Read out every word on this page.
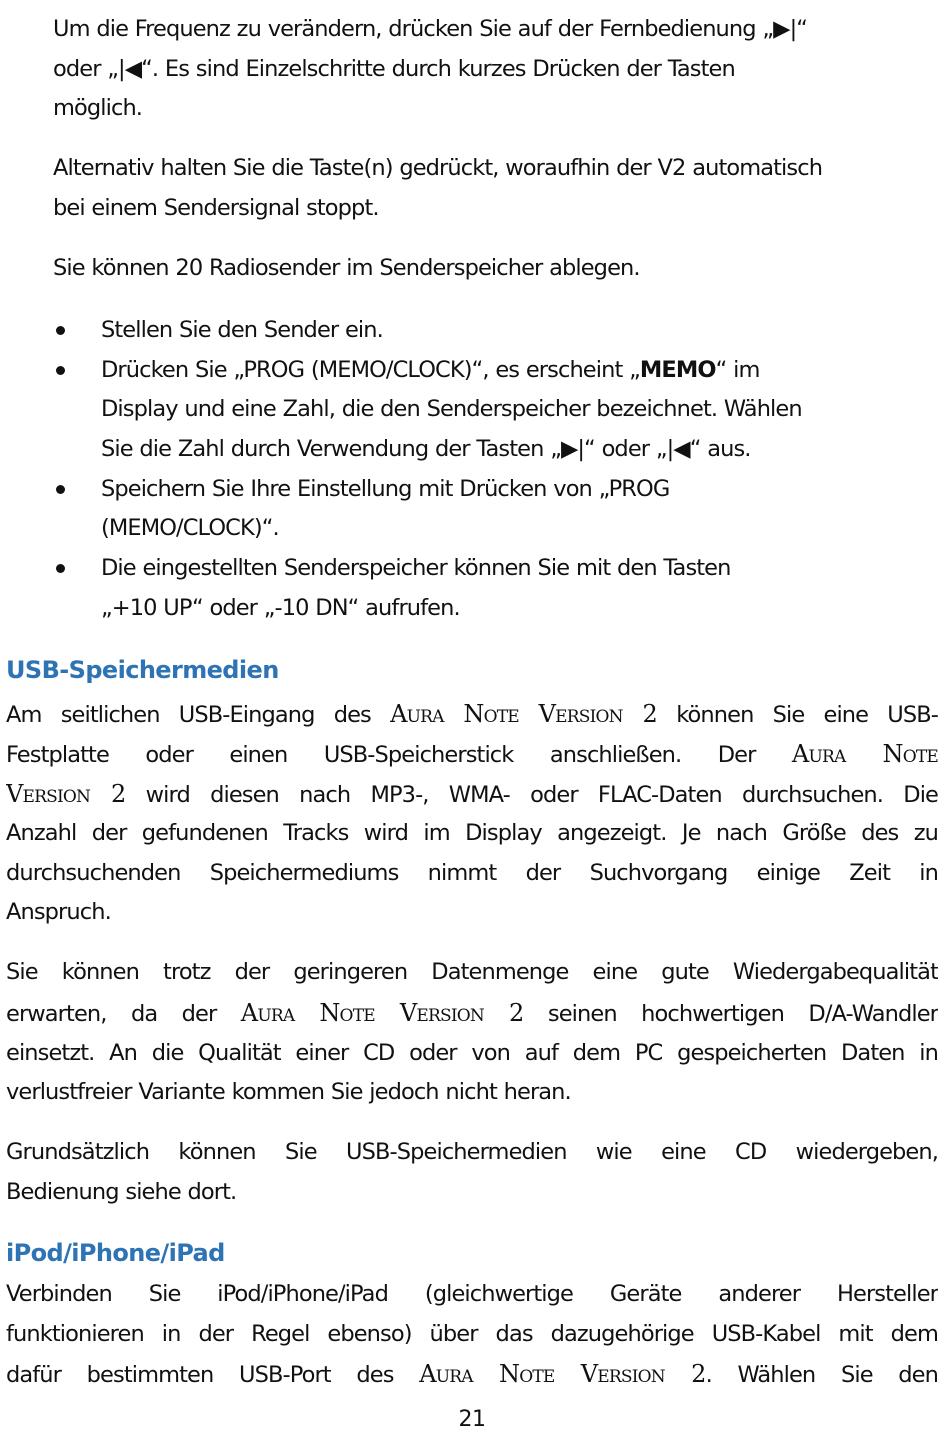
Um die Frequenz zu verändern, drücken Sie auf der Fernbedienung „▶|“
oder „|◀“. Es sind Einzelschritte durch kurzes Drücken der Tasten
möglich.
Alternativ halten Sie die Taste(n) gedrückt, woraufhin der V2 automatisch
bei einem Sendersignal stoppt.
Sie können 20 Radiosender im Senderspeicher ablegen.
Stellen Sie den Sender ein.
Drücken Sie „PROG (MEMO/CLOCK)“, es erscheint „MEMO“ im
Display und eine Zahl, die den Senderspeicher bezeichnet. Wählen
Sie die Zahl durch Verwendung der Tasten „▶|“ oder „|◀“ aus.
Speichern Sie Ihre Einstellung mit Drücken von „PROG
(MEMO/CLOCK)“.
Die eingestellten Senderspeicher können Sie mit den Tasten
„+10 UP“ oder „-10 DN“ aufrufen.
USB-Speichermedien
Am seitlichen USB-Eingang des Aura Note Version 2 können Sie eine USB-
Festplatte oder einen USB-Speicherstick anschließen. Der Aura Note
Version 2 wird diesen nach MP3-, WMA- oder FLAC-Daten durchsuchen. Die
Anzahl der gefundenen Tracks wird im Display angezeigt. Je nach Größe des zu
durchsuchenden Speichermediums nimmt der Suchvorgang einige Zeit in
Anspruch.
Sie können trotz der geringeren Datenmenge eine gute Wiedergabequalität
erwarten, da der Aura Note Version 2 seinen hochwertigen D/A-Wandler
einsetzt. An die Qualität einer CD oder von auf dem PC gespeicherten Daten in
verlustfreier Variante kommen Sie jedoch nicht heran.
Grundsätzlich können Sie USB-Speichermedien wie eine CD wiedergeben,
Bedienung siehe dort.
iPod/iPhone/iPad
Verbinden Sie iPod/iPhone/iPad (gleichwertige Geräte anderer Hersteller
funktionieren in der Regel ebenso) über das dazugehörige USB-Kabel mit dem
dafür bestimmten USB-Port des Aura Note Version 2. Wählen Sie den
21
